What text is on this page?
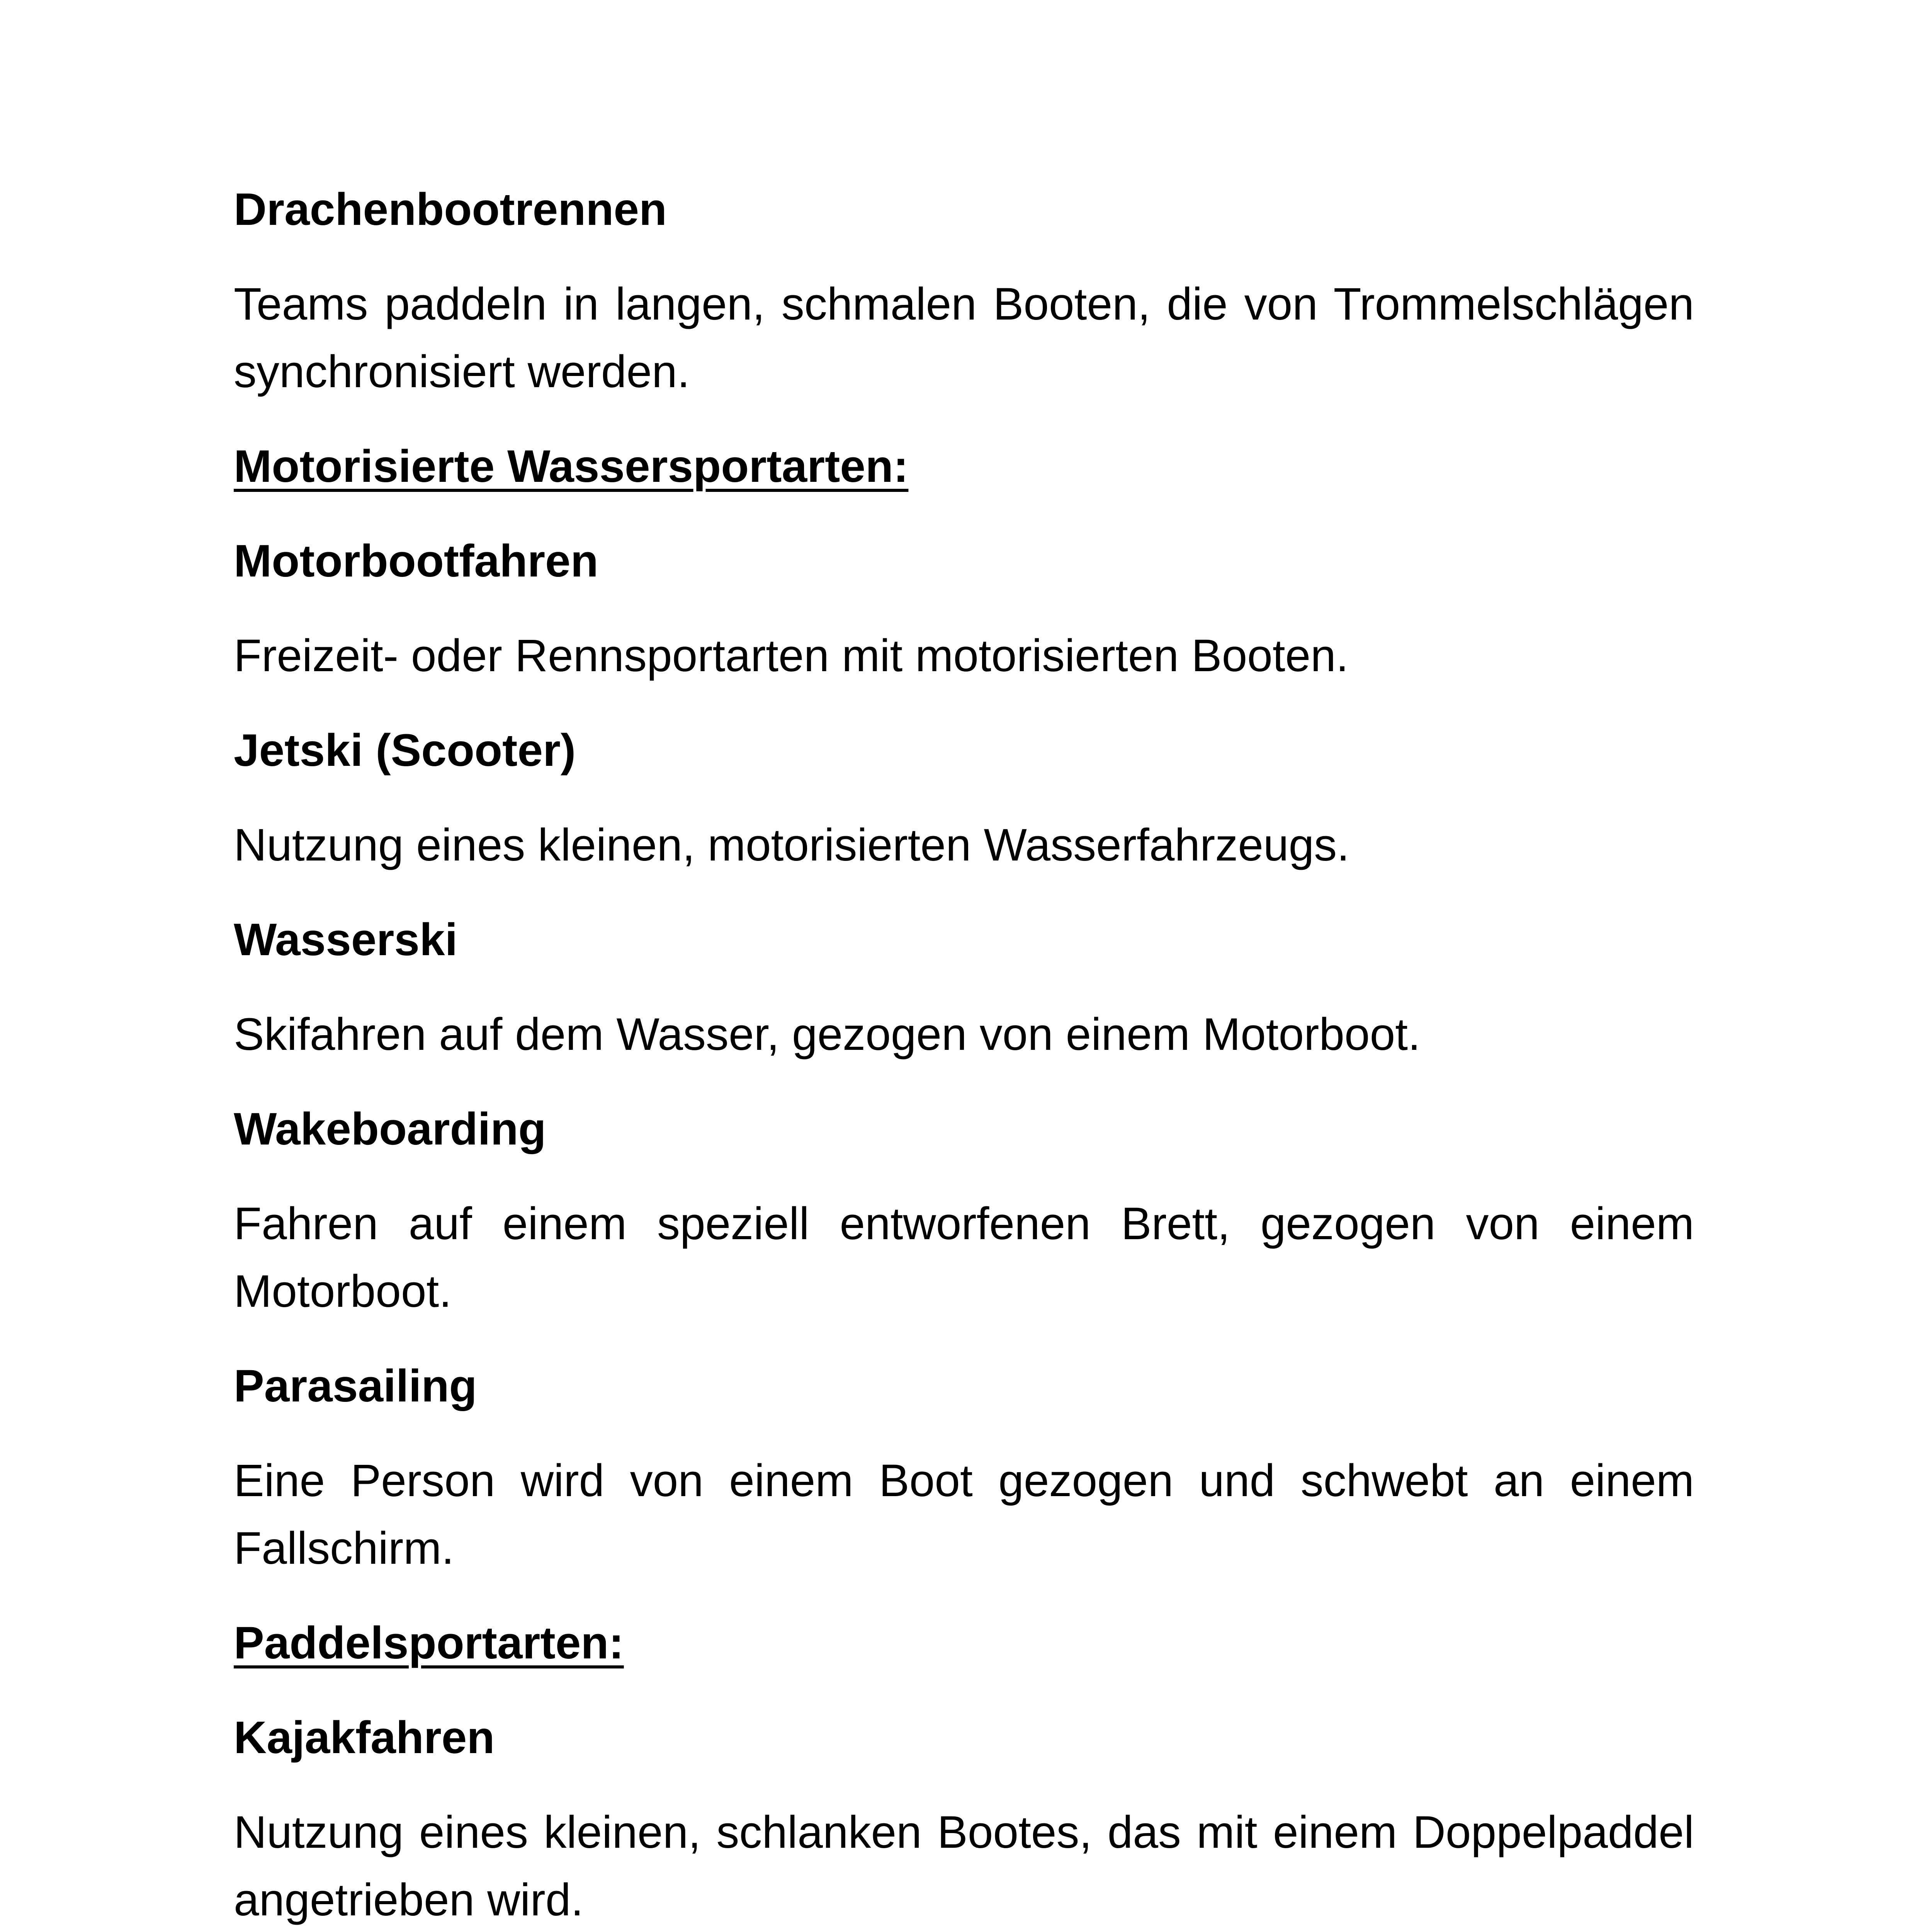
Drachenbootrennen
Teams paddeln in langen, schmalen Booten, die von Trommelschlägen synchronisiert werden.
Motorisierte Wassersportarten:
Motorbootfahren
Freizeit- oder Rennsportarten mit motorisierten Booten.
Jetski (Scooter)
Nutzung eines kleinen, motorisierten Wasserfahrzeugs.
Wasserski
Skifahren auf dem Wasser, gezogen von einem Motorboot.
Wakeboarding
Fahren auf einem speziell entworfenen Brett, gezogen von einem Motorboot.
Parasailing
Eine Person wird von einem Boot gezogen und schwebt an einem Fallschirm.
Paddelsportarten:
Kajakfahren
Nutzung eines kleinen, schlanken Bootes, das mit einem Doppelpaddel angetrieben wird.
